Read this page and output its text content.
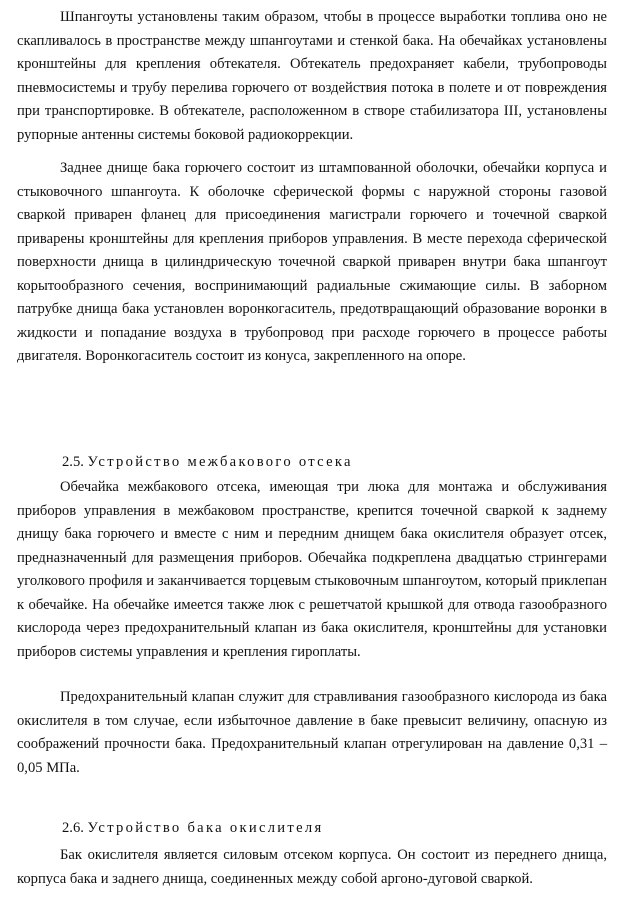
Шпангоуты установлены таким образом, чтобы в процессе выработки топлива оно не скапливалось в пространстве между шпангоутами и стенкой бака. На обечайках установлены кронштейны для крепления обтекателя. Обтекатель предохраняет кабели, трубопроводы пневмосистемы и трубу перелива горючего от воздействия потока в полете и от повреждения при транспортировке. В обтекателе, расположенном в створе стабилизатора III, установлены рупорные антенны системы боковой радиокоррекции.

Заднее днище бака горючего состоит из штампованной оболочки, обечайки корпуса и стыковочного шпангоута. К оболочке сферической формы с наружной стороны газовой сваркой приварен фланец для присоединения магистрали горючего и точечной сваркой приварены кронштейны для крепления приборов управления. В месте перехода сферической поверхности днища в цилиндрическую точечной сваркой приварен внутри бака шпангоут корытообразного сечения, воспринимающий радиальные сжимающие силы. В заборном патрубке днища бака установлен воронкогаситель, предотвращающий образование воронки в жидкости и попадание воздуха в трубопровод при расходе горючего в процессе работы двигателя. Воронкогаситель состоит из конуса, закрепленного на опоре.

2.5. Устройство межбакового отсека

Обечайка межбакового отсека, имеющая три люка для монтажа и обслуживания приборов управления в межбаковом пространстве, крепится точечной сваркой к заднему днищу бака горючего и вместе с ним и передним днищем бака окислителя образует отсек, предназначенный для размещения приборов. Обечайка подкреплена двадцатью стрингерами уголкового профиля и заканчивается торцевым стыковочным шпангоутом, который приклепан к обечайке. На обечайке имеется также люк с решетчатой крышкой для отвода газообразного кислорода через предохранительный клапан из бака окислителя, кронштейны для установки приборов системы управления и крепления гироплаты.

Предохранительный клапан служит для стравливания газообразного кислорода из бака окислителя в том случае, если избыточное давление в баке превысит величину, опасную из соображений прочности бака. Предохранительный клапан отрегулирован на давление 0,31 – 0,05 МПа.

2.6. Устройство бака окислителя

Бак окислителя является силовым отсеком корпуса. Он состоит из переднего днища, корпуса бака и заднего днища, соединенных между собой аргоно-дуговой сваркой.
